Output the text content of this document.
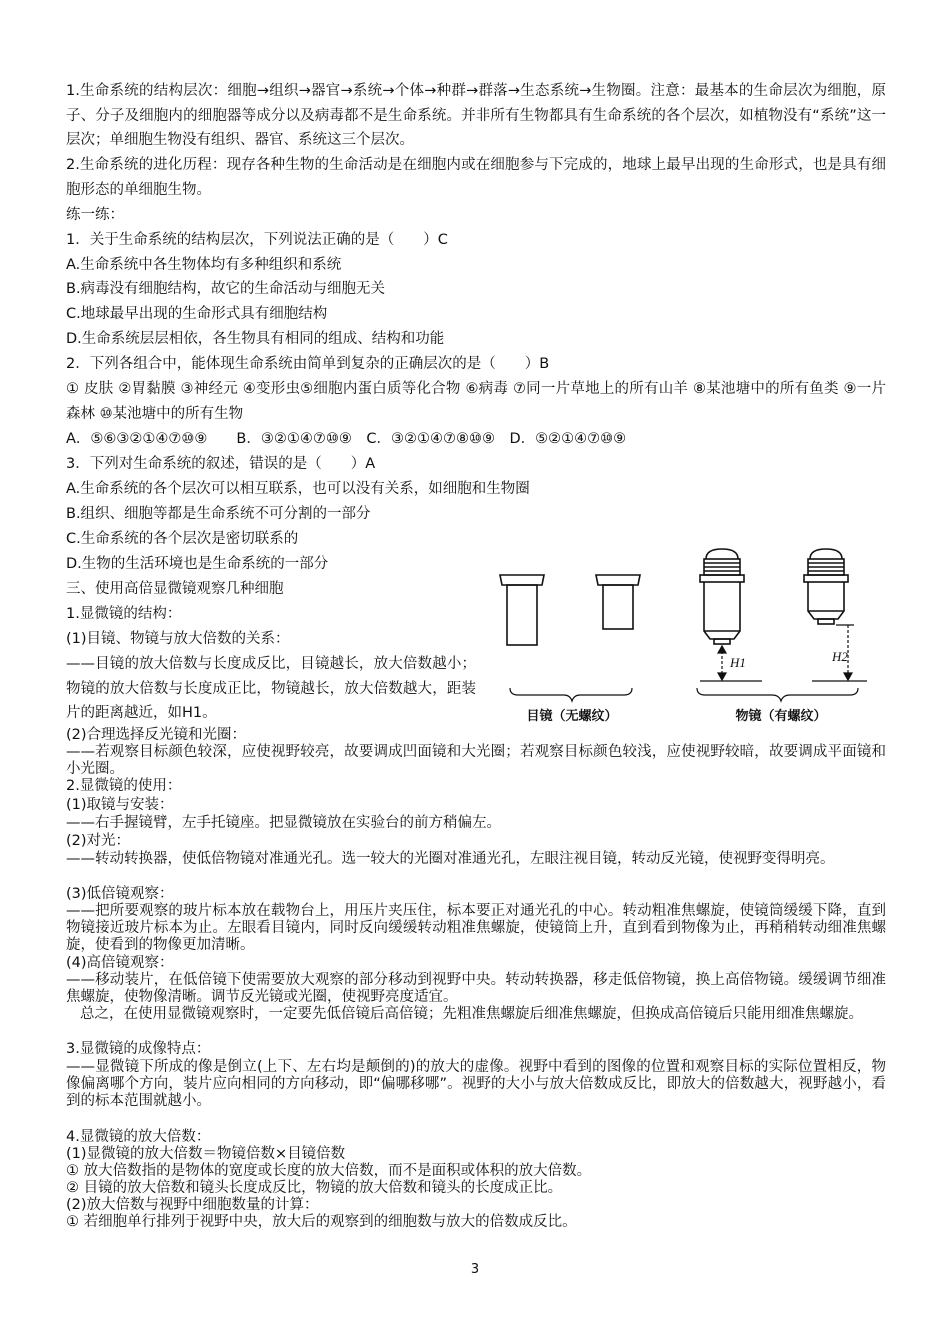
1.生命系统的结构层次：细胞→组织→器官→系统→个体→种群→群落→生态系统→生物圈。注意：最基本的生命层次为细胞，原子、分子及细胞内的细胞器等成分以及病毒都不是生命系统。并非所有生物都具有生命系统的各个层次，如植物没有“系统”这一层次；单细胞生物没有组织、器官、系统这三个层次。

2.生命系统的进化历程：现存各种生物的生命活动是在细胞内或在细胞参与下完成的，地球上最早出现的生命形式，也是具有细胞形态的单细胞生物。

练一练：

1．关于生命系统的结构层次，下列说法正确的是（　　）C

A.生命系统中各生物体均有多种组织和系统

B.病毒没有细胞结构，故它的生命活动与细胞无关

C.地球最早出现的生命形式具有细胞结构

D.生命系统层层相依，各生物具有相同的组成、结构和功能

2．下列各组合中，能体现生命系统由简单到复杂的正确层次的是（　　）B

① 皮肤 ②胃黏膜 ③神经元 ④变形虫⑤细胞内蛋白质等化合物 ⑥病毒 ⑦同一片草地上的所有山羊 ⑧某池塘中的所有鱼类 ⑨一片森林 ⑩某池塘中的所有生物

A．⑤⑥③②①④⑦⑩⑨　　B．③②①④⑦⑩⑨　C．③②①④⑦⑧⑩⑨　D．⑤②①④⑦⑩⑨

3．下列对生命系统的叙述，错误的是（　　）A

A.生命系统的各个层次可以相互联系，也可以没有关系，如细胞和生物圈

B.组织、细胞等都是生命系统不可分割的一部分

C.生命系统的各个层次是密切联系的

D.生物的生活环境也是生命系统的一部分

三、使用高倍显微镜观察几种细胞

1.显微镜的结构：

(1)目镜、物镜与放大倍数的关系：

——目镜的放大倍数与长度成反比，目镜越长，放大倍数越小；物镜的放大倍数与长度成正比，物镜越长，放大倍数越大，距装片的距离越近，如H1。

(2)合理选择反光镜和光圈：

——若观察目标颜色较深，应使视野较亮，故要调成凹面镜和大光圈；若观察目标颜色较浅，应使视野较暗，故要调成平面镜和小光圈。

2.显微镜的使用：

(1)取镜与安装：

——右手握镜臂，左手托镜座。把显微镜放在实验台的前方稍偏左。

(2)对光：

——转动转换器，使低倍物镜对准通光孔。选一较大的光圈对准通光孔，左眼注视目镜，转动反光镜，使视野变得明亮。

(3)低倍镜观察：

——把所要观察的玻片标本放在载物台上，用压片夹压住，标本要正对通光孔的中心。转动粗准焦螺旋，使镜筒缓缓下降，直到物镜接近玻片标本为止。左眼看目镜内，同时反向缓缓转动粗准焦螺旋，使镜筒上升，直到看到物像为止，再稍稍转动细准焦螺旋，使看到的物像更加清晰。

(4)高倍镜观察：

——移动装片，在低倍镜下使需要放大观察的部分移动到视野中央。转动转换器，移走低倍物镜，换上高倍物镜。缓缓调节细准焦螺旋，使物像清晰。调节反光镜或光圈，使视野亮度适宜。

总之，在使用显微镜观察时，一定要先低倍镜后高倍镜；先粗准焦螺旋后细准焦螺旋，但换成高倍镜后只能用细准焦螺旋。

3.显微镜的成像特点：

——显微镜下所成的像是倒立(上下、左右均是颠倒的)的放大的虚像。视野中看到的图像的位置和观察目标的实际位置相反，物像偏离哪个方向，装片应向相同的方向移动，即“偏哪移哪”。视野的大小与放大倍数成反比，即放大的倍数越大，视野越小，看到的标本范围就越小。

4.显微镜的放大倍数：

(1)显微镜的放大倍数＝物镜倍数×目镜倍数

① 放大倍数指的是物体的宽度或长度的放大倍数，而不是面积或体积的放大倍数。

② 目镜的放大倍数和镜头长度成反比，物镜的放大倍数和镜头的长度成正比。

(2)放大倍数与视野中细胞数量的计算：

① 若细胞单行排列于视野中央，放大后的观察到的细胞数与放大的倍数成反比。

H1	H2
目镜（无螺纹）	物镜（有螺纹）
3
